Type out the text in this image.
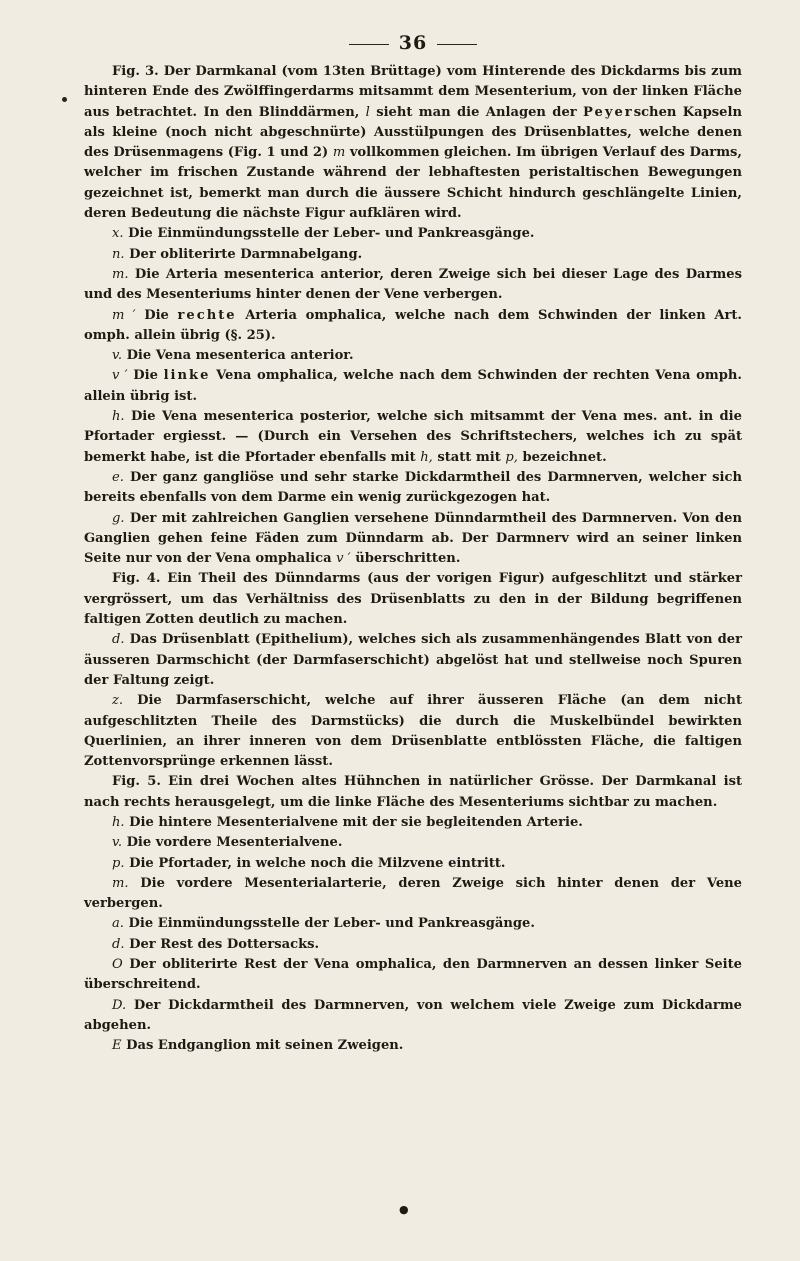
36

Fig. 3. Der Darmkanal (vom 13ten Brüttage) vom Hinterende des Dickdarms bis zum hinteren Ende des Zwölffingerdarms mitsammt dem Mesenterium, von der linken Fläche aus betrachtet. In den Blinddärmen, l sieht man die Anlagen der Peyerschen Kapseln als kleine (noch nicht abgeschnürte) Ausstülpungen des Drüsenblattes, welche denen des Drüsenmagens (Fig. 1 und 2) m vollkommen gleichen. Im übrigen Verlauf des Darms, welcher im frischen Zustande während der lebhaftesten peristaltischen Bewegungen gezeichnet ist, bemerkt man durch die äussere Schicht hindurch geschlängelte Linien, deren Bedeutung die nächste Figur aufklären wird.

x. Die Einmündungsstelle der Leber- und Pankreasgänge.

n. Der obliterirte Darmnabelgang.

m. Die Arteria mesenterica anterior, deren Zweige sich bei dieser Lage des Darmes und des Mesenteriums hinter denen der Vene verbergen.

m ′ Die rechte Arteria omphalica, welche nach dem Schwinden der linken Art. omph. allein übrig (§. 25).

v. Die Vena mesenterica anterior.

v ′ Die linke Vena omphalica, welche nach dem Schwinden der rechten Vena omph. allein übrig ist.

h. Die Vena mesenterica posterior, welche sich mitsammt der Vena mes. ant. in die Pfortader ergiesst. — (Durch ein Versehen des Schriftstechers, welches ich zu spät bemerkt habe, ist die Pfortader ebenfalls mit h, statt mit p, bezeichnet.

e. Der ganz gangliöse und sehr starke Dickdarmtheil des Darmnerven, welcher sich bereits ebenfalls von dem Darme ein wenig zurückgezogen hat.

g. Der mit zahlreichen Ganglien versehene Dünndarmtheil des Darmnerven. Von den Ganglien gehen feine Fäden zum Dünndarm ab. Der Darmnerv wird an seiner linken Seite nur von der Vena omphalica v ′ überschritten.

Fig. 4. Ein Theil des Dünndarms (aus der vorigen Figur) aufgeschlitzt und stärker vergrössert, um das Verhältniss des Drüsenblatts zu den in der Bildung begriffenen faltigen Zotten deutlich zu machen.

d. Das Drüsenblatt (Epithelium), welches sich als zusammenhängendes Blatt von der äusseren Darmschicht (der Darmfaserschicht) abgelöst hat und stellweise noch Spuren der Faltung zeigt.

z. Die Darmfaserschicht, welche auf ihrer äusseren Fläche (an dem nicht aufgeschlitzten Theile des Darmstücks) die durch die Muskelbündel bewirkten Querlinien, an ihrer inneren von dem Drüsenblatte entblössten Fläche, die faltigen Zottenvorsprünge erkennen lässt.

Fig. 5. Ein drei Wochen altes Hühnchen in natürlicher Grösse. Der Darmkanal ist nach rechts herausgelegt, um die linke Fläche des Mesenteriums sichtbar zu machen.

h. Die hintere Mesenterialvene mit der sie begleitenden Arterie.

v. Die vordere Mesenterialvene.

p. Die Pfortader, in welche noch die Milzvene eintritt.

m. Die vordere Mesenterialarterie, deren Zweige sich hinter denen der Vene verbergen.

a. Die Einmündungsstelle der Leber- und Pankreasgänge.

d. Der Rest des Dottersacks.

O Der obliterirte Rest der Vena omphalica, den Darmnerven an dessen linker Seite überschreitend.

D. Der Dickdarmtheil des Darmnerven, von welchem viele Zweige zum Dickdarme abgehen.

E Das Endganglion mit seinen Zweigen.

●
